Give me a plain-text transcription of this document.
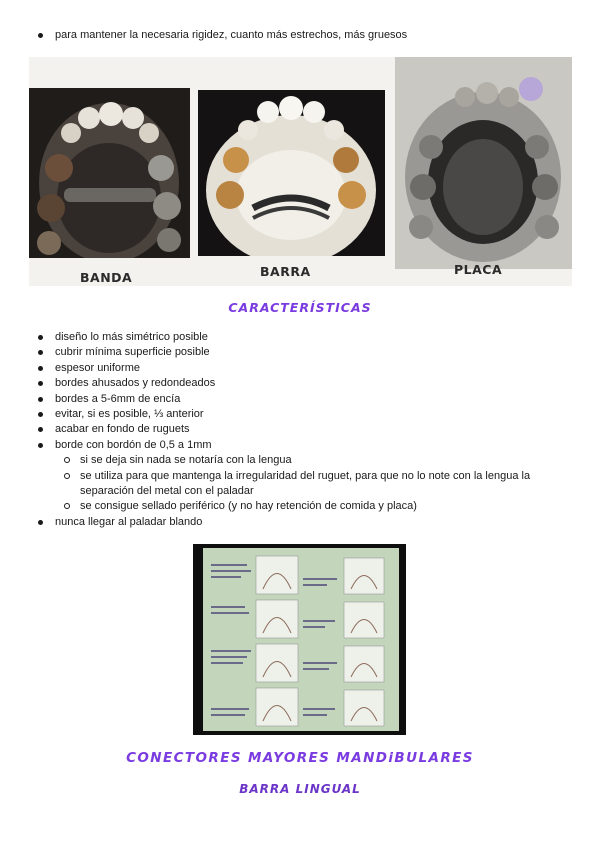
para mantener la necesaria rigidez, cuanto más estrechos, más gruesos
BANDA	BARRA	PLACA
CARACTERÍSTICAS
diseño lo más simétrico posible
cubrir mínima superficie posible
espesor uniforme
bordes ahusados y redondeados
bordes a 5-6mm de encía
evitar, si es posible, ⅓ anterior
acabar en fondo de ruguets
borde con bordón de 0,5 a 1mm
si se deja sin nada se notaría con la lengua
se utiliza para que mantenga la irregularidad del ruguet, para que no lo note con la lengua la separación del metal con el paladar
se consigue sellado periférico (y no hay retención de comida y placa)
nunca llegar al paladar blando
CONECTORES MAYORES MANDiBULARES
BARRA LINGUAL
